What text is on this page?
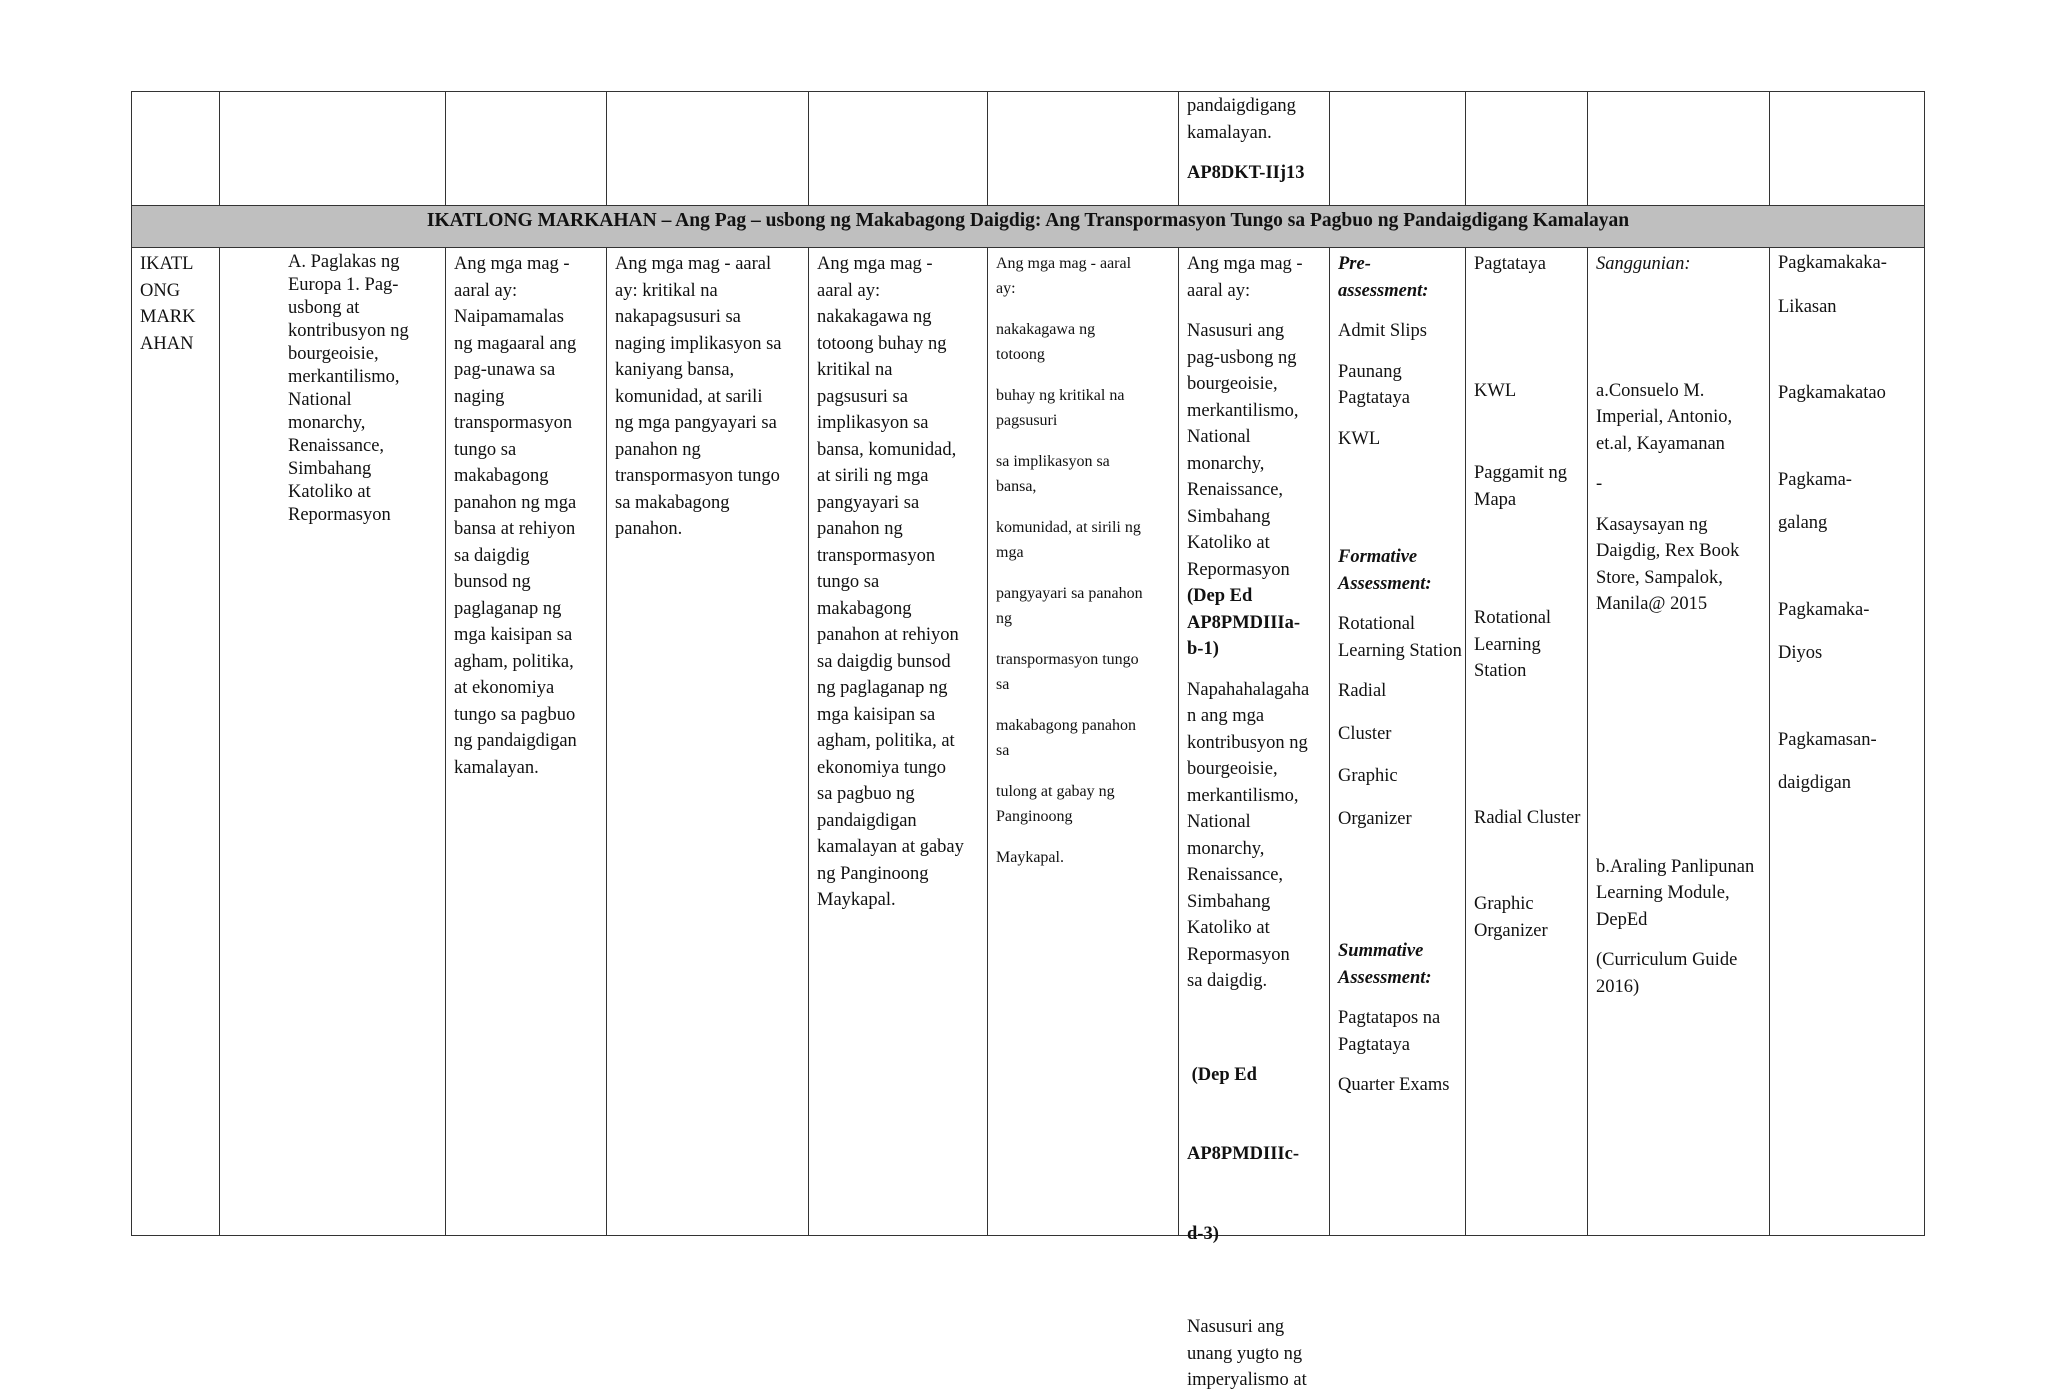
pandaigdigang
kamalayan.
AP8DKT-IIj13
IKATLONG MARKAHAN – Ang Pag – usbong ng Makabagong Daigdig: Ang Transpormasyon Tungo sa Pagbuo ng Pandaigdigang Kamalayan
IKATL
ONG
MARK
AHAN
A. Paglakas ng
Europa 1. Pag-
usbong at
kontribusyon ng
bourgeoisie,
merkantilismo,
National
monarchy,
Renaissance,
Simbahang
Katoliko at
Repormasyon
Ang mga mag -
aaral ay:
Naipamamalas
ng magaaral ang
pag-unawa sa
naging
transpormasyon
tungo sa
makabagong
panahon ng mga
bansa at rehiyon
sa daigdig
bunsod ng
paglaganap ng
mga kaisipan sa
agham, politika,
at ekonomiya
tungo sa pagbuo
ng pandaigdigan
kamalayan.
Ang mga mag - aaral
ay: kritikal na
nakapagsusuri sa
naging implikasyon sa
kaniyang bansa,
komunidad, at sarili
ng mga pangyayari sa
panahon ng
transpormasyon tungo
sa makabagong
panahon.
Ang mga mag -
aaral ay:
nakakagawa ng
totoong buhay ng
kritikal na
pagsusuri sa
implikasyon sa
bansa, komunidad,
at sirili ng mga
pangyayari sa
panahon ng
transpormasyon
tungo sa
makabagong
panahon at rehiyon
sa daigdig bunsod
ng paglaganap ng
mga kaisipan sa
agham, politika, at
ekonomiya tungo
sa pagbuo ng
pandaigdigan
kamalayan at gabay
ng Panginoong
Maykapal.
Ang mga mag - aaral
ay:
nakakagawa ng
totoong
buhay ng kritikal na
pagsusuri
sa implikasyon sa
bansa,
komunidad, at sirili ng
mga
pangyayari sa panahon
ng
transpormasyon tungo
sa
makabagong panahon
sa
tulong at gabay ng
Panginoong
Maykapal.
Ang mga mag -
aaral ay:
Nasusuri ang
pag-usbong ng
bourgeoisie,
merkantilismo,
National
monarchy,
Renaissance,
Simbahang
Katoliko at
Repormasyon
(Dep Ed
AP8PMDIIIa-
b-1)
Napahahalagaha
n ang mga
kontribusyon ng
bourgeoisie,
merkantilismo,
National
monarchy,
Renaissance,
Simbahang
Katoliko at
Repormasyon
sa daigdig.

(Dep Ed

AP8PMDIIIc-

d-3)

Nasusuri ang
unang yugto ng
imperyalismo at
Pre-
assessment:

Admit Slips

Paunang Pagtataya

KWL

Formative
Assessment:

Rotational Learning Station

Radial

Cluster

Graphic

Organizer

Summative
Assessment:

Pagtatapos na Pagtataya

Quarter Exams

Pagtataya

KWL

Paggamit ng Mapa

Rotational Learning Station

Radial Cluster

Graphic Organizer

Sanggunian:

a.Consuelo M. Imperial, Antonio, et.al, Kayamanan

-

Kasaysayan ng Daigdig, Rex Book Store, Sampalok, Manila@ 2015

b.Araling Panlipunan Learning Module, DepEd

(Curriculum Guide 2016)

Pagkamakaka-
Likasan
Pagkamakatao
Pagkama-
galang
Pagkamaka-
Diyos
Pagkamasan-
daigdigan
